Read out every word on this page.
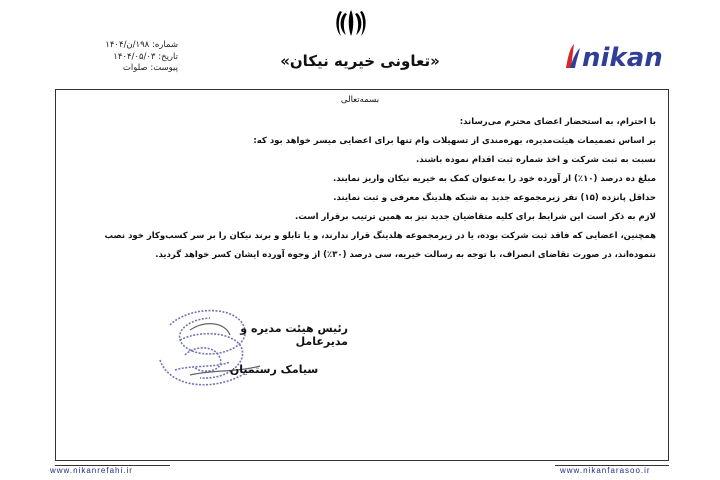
«تعاونی خیریه نیکان»
شماره: ۱۹۸/ن/۱۴۰۴
تاریخ: ۱۴۰۴/۰۵/۰۳
پیوست: صلوات	nikan
بسمه‌تعالی

با احترام، به استحضار اعضای محترم می‌رساند:

بر اساس تصمیمات هیئت‌مدیره، بهره‌مندی از تسهیلات وام تنها برای اعضایی میسر خواهد بود که:

نسبت به ثبت شرکت و اخذ شماره ثبت اقدام نموده باشند.

مبلغ ده درصد (۱۰٪) از آورده خود را به‌عنوان کمک به خیریه نیکان واریز نمایند.

حداقل پانزده (۱۵) نفر زیرمجموعه جدید به شبکه هلدینگ معرفی و ثبت نمایند.

لازم به ذکر است این شرایط برای کلیه متقاضیان جدید نیز به همین ترتیب برقرار است.

همچنین، اعضایی که فاقد ثبت شرکت بوده، یا در زیرمجموعه هلدینگ قرار ندارند، و یا تابلو و برند نیکان را بر سر کسب‌وکار خود نصب

ننموده‌اند، در صورت تقاضای انصراف، با توجه به رسالت خیریه، سی درصد (۳۰٪) از وجوه آورده ایشان کسر خواهد گردید.

رئیس هیئت مدیره و مدیرعامل
سیامک رستمیان
www.nikanrefahi.ir	www.nikanfarasoo.ir
